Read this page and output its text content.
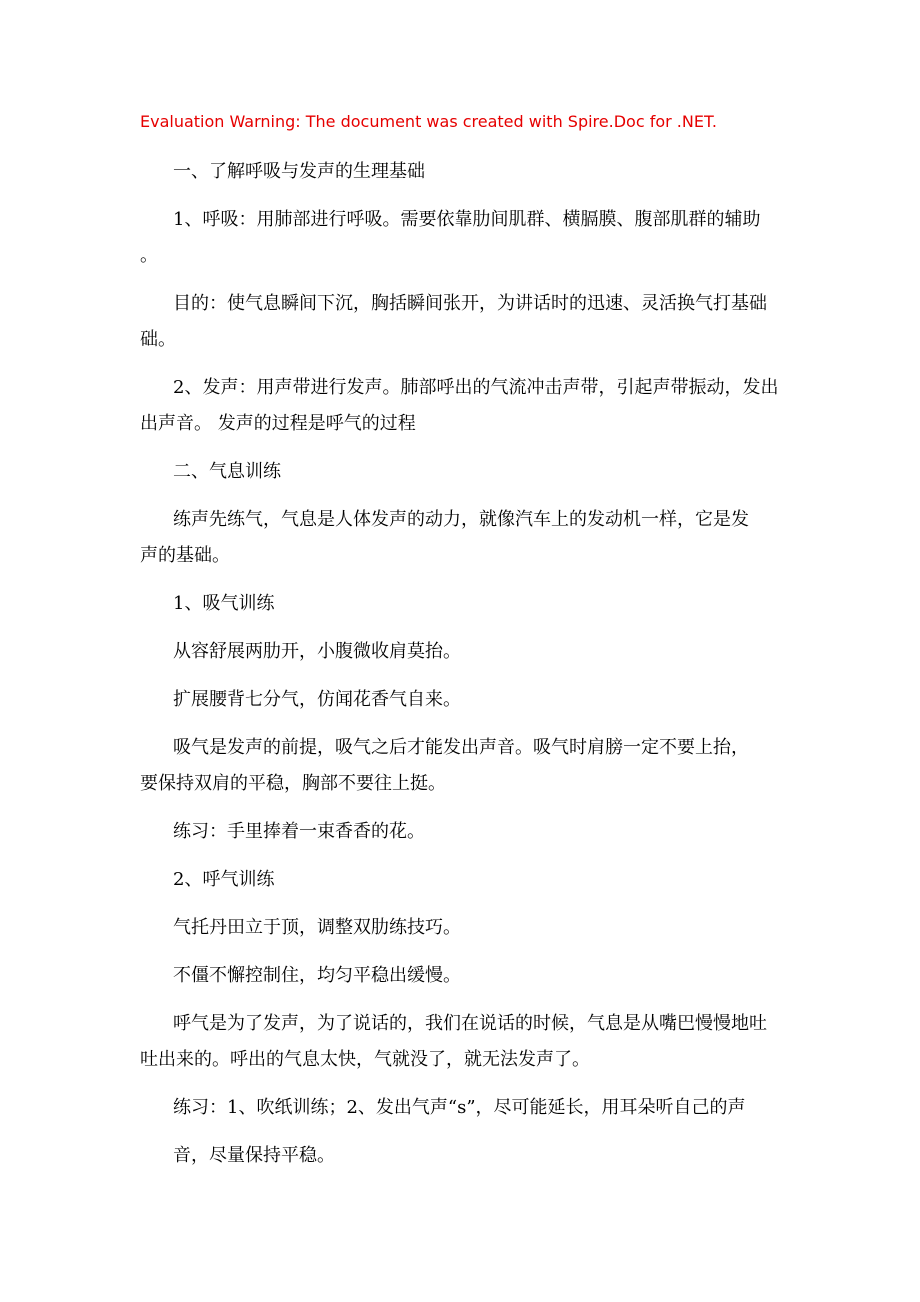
Evaluation Warning: The document was created with Spire.Doc for .NET.
一、了解呼吸与发声的生理基础
1、呼吸：用肺部进行呼吸。需要依靠肋间肌群、横膈膜、腹部肌群的辅助
。
目的：使气息瞬间下沉，胸括瞬间张开，为讲话时的迅速、灵活换气打基础
础。
2、发声：用声带进行发声。肺部呼出的气流冲击声带，引起声带振动，发出
出声音。 发声的过程是呼气的过程
二、气息训练
练声先练气，气息是人体发声的动力，就像汽车上的发动机一样，它是发
声的基础。
1、吸气训练
从容舒展两肋开，小腹微收肩莫抬。
扩展腰背七分气，仿闻花香气自来。
吸气是发声的前提，吸气之后才能发出声音。吸气时肩膀一定不要上抬，
要保持双肩的平稳，胸部不要往上挺。
练习：手里捧着一束香香的花。
2、呼气训练
气托丹田立于顶，调整双肋练技巧。
不僵不懈控制住，均匀平稳出缓慢。
呼气是为了发声，为了说话的，我们在说话的时候，气息是从嘴巴慢慢地吐
吐出来的。呼出的气息太快，气就没了，就无法发声了。
练习：1、吹纸训练；2、发出气声“s”，尽可能延长，用耳朵听自己的声
音，尽量保持平稳。
